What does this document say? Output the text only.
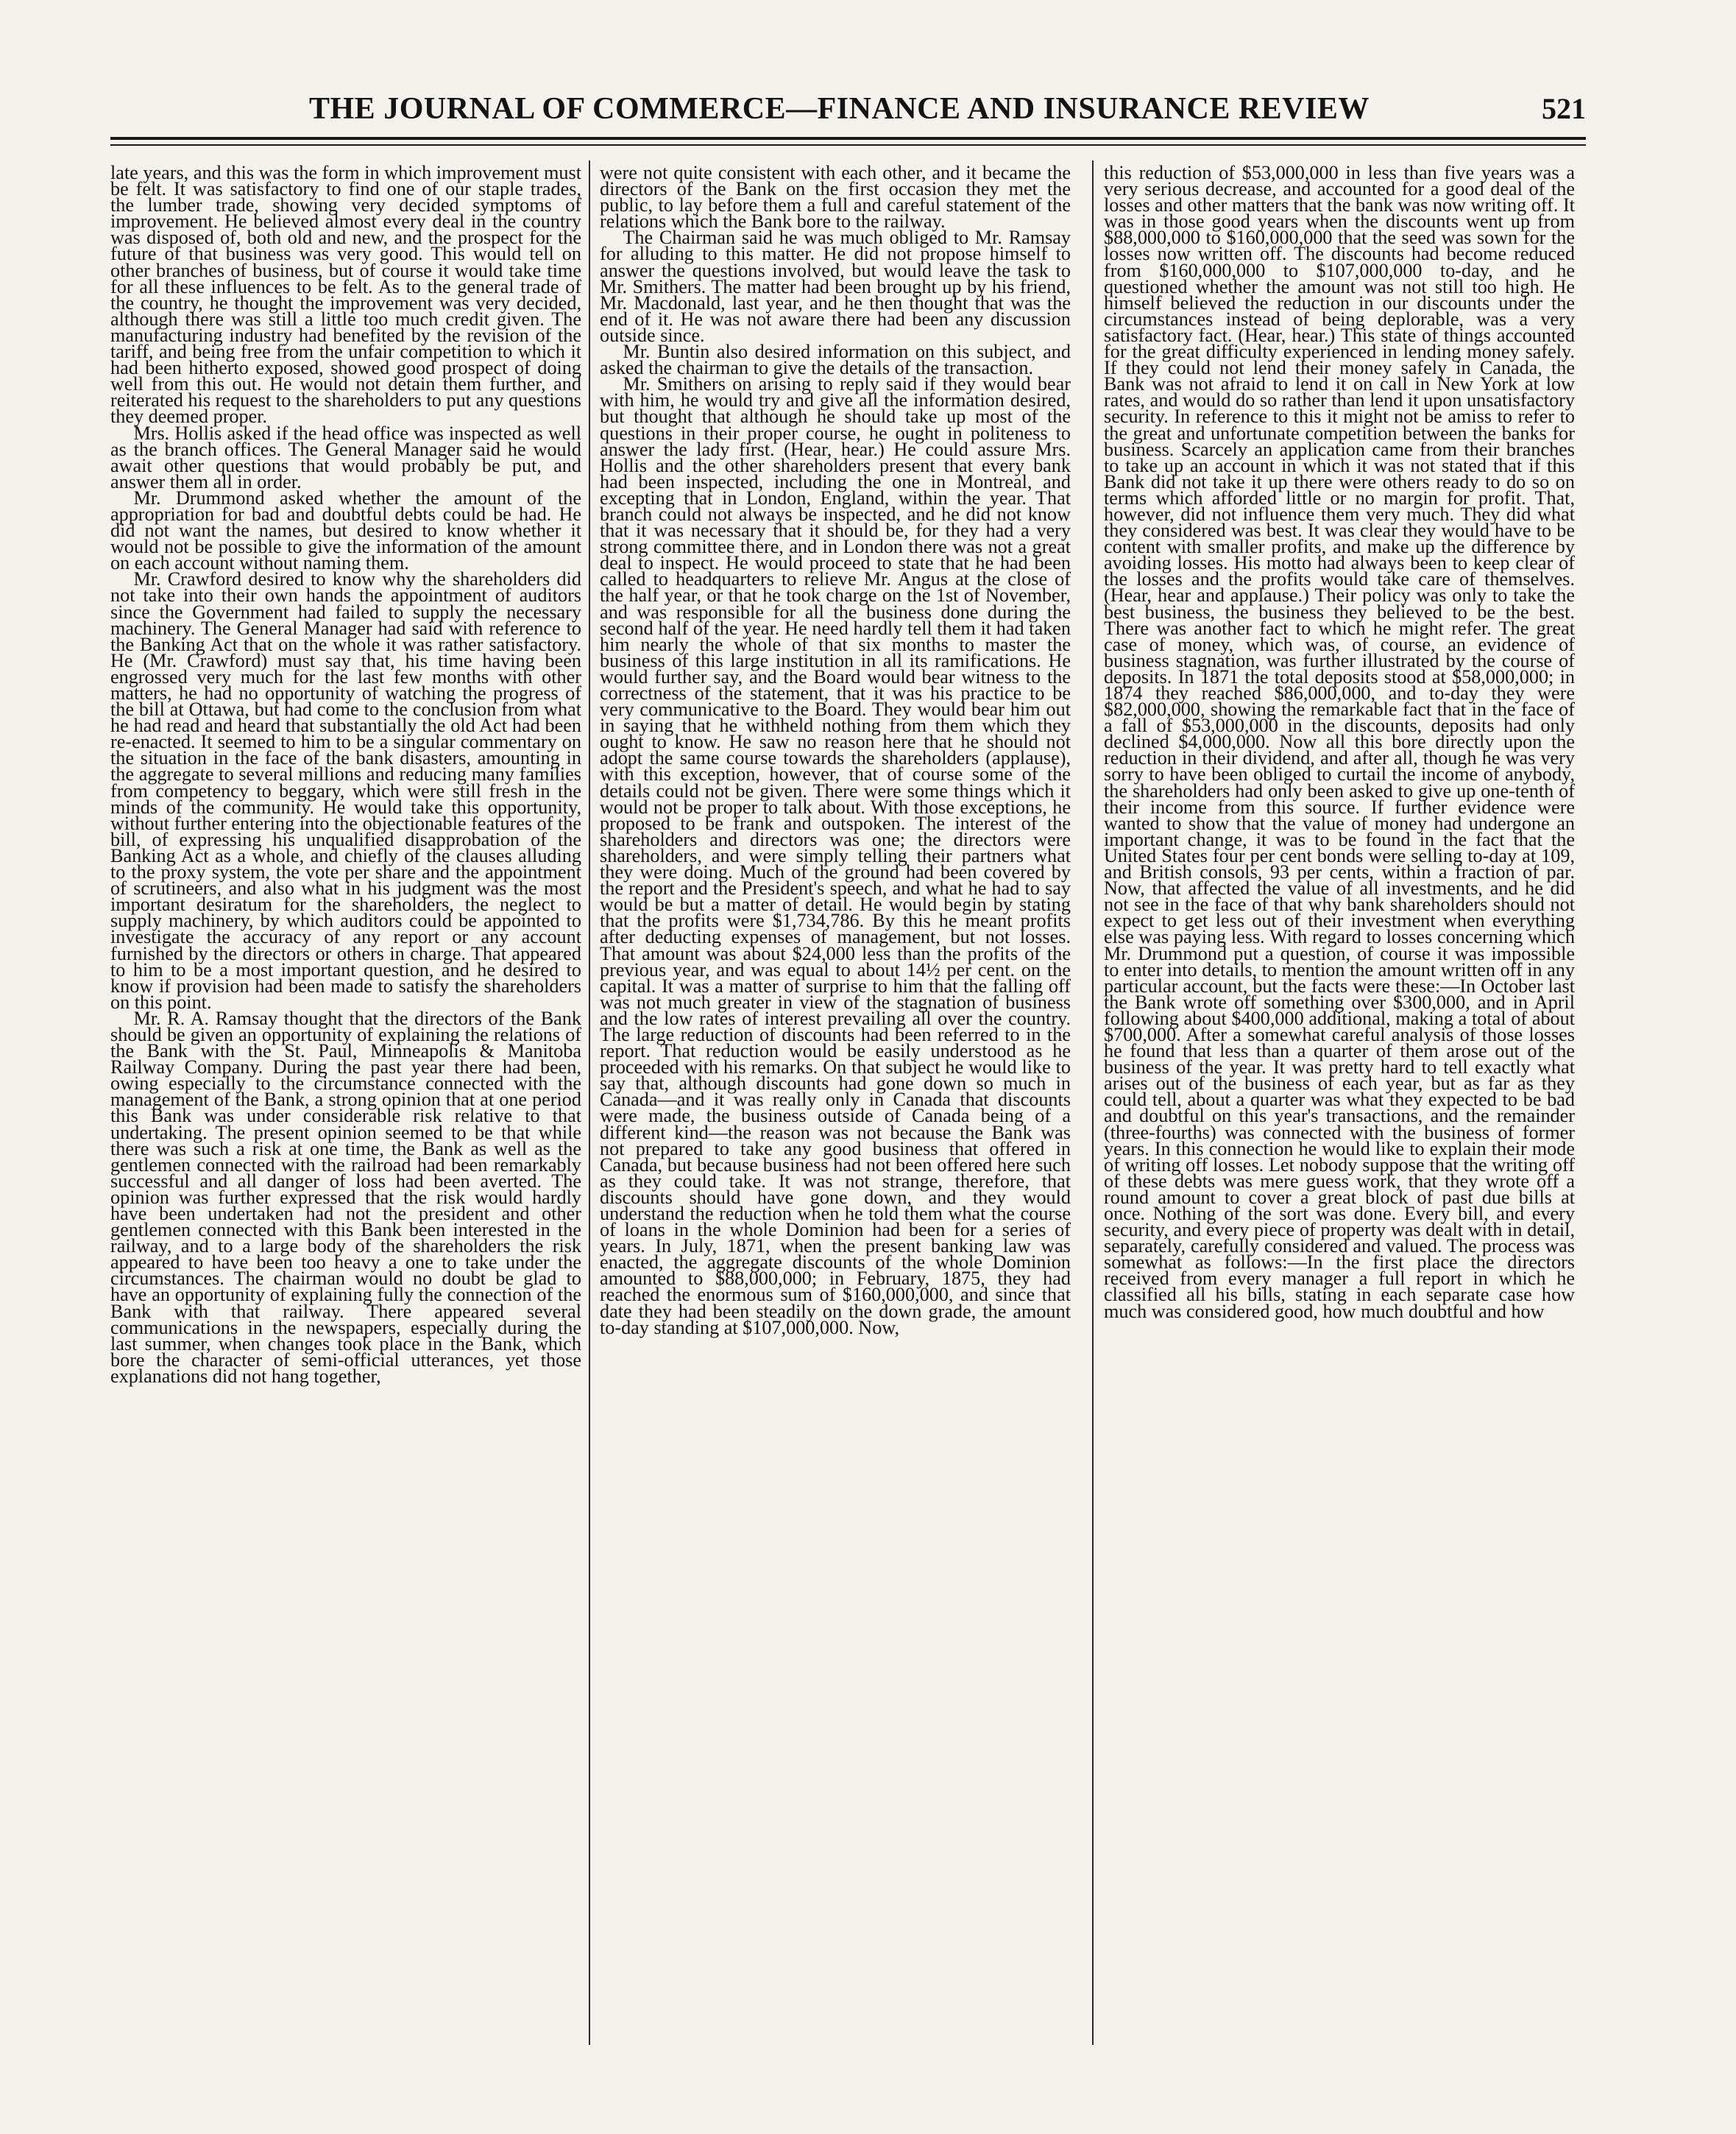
THE JOURNAL OF COMMERCE—FINANCE AND INSURANCE REVIEW	521

late years, and this was the form in which improvement must be felt. It was satisfactory to find one of our staple trades, the lumber trade, showing very decided symptoms of improvement. He believed almost every deal in the country was disposed of, both old and new, and the prospect for the future of that business was very good. This would tell on other branches of business, but of course it would take time for all these influences to be felt. As to the general trade of the country, he thought the improvement was very decided, although there was still a little too much credit given. The manufacturing industry had benefited by the revision of the tariff, and being free from the unfair competition to which it had been hitherto exposed, showed good prospect of doing well from this out. He would not detain them further, and reiterated his request to the shareholders to put any questions they deemed proper.

Mrs. Hollis asked if the head office was inspected as well as the branch offices. The General Manager said he would await other questions that would probably be put, and answer them all in order.

Mr. Drummond asked whether the amount of the appropriation for bad and doubtful debts could be had. He did not want the names, but desired to know whether it would not be possible to give the information of the amount on each account without naming them.

Mr. Crawford desired to know why the shareholders did not take into their own hands the appointment of auditors since the Government had failed to supply the necessary machinery. The General Manager had said with reference to the Banking Act that on the whole it was rather satisfactory. He (Mr. Crawford) must say that, his time having been engrossed very much for the last few months with other matters, he had no opportunity of watching the progress of the bill at Ottawa, but had come to the conclusion from what he had read and heard that substantially the old Act had been re-enacted. It seemed to him to be a singular commentary on the situation in the face of the bank disasters, amounting in the aggregate to several millions and reducing many families from competency to beggary, which were still fresh in the minds of the community. He would take this opportunity, without further entering into the objectionable features of the bill, of expressing his unqualified disapprobation of the Banking Act as a whole, and chiefly of the clauses alluding to the proxy system, the vote per share and the appointment of scrutineers, and also what in his judgment was the most important desiratum for the shareholders, the neglect to supply machinery, by which auditors could be appointed to investigate the accuracy of any report or any account furnished by the directors or others in charge. That appeared to him to be a most important question, and he desired to know if provision had been made to satisfy the shareholders on this point.

Mr. R. A. Ramsay thought that the directors of the Bank should be given an opportunity of explaining the relations of the Bank with the St. Paul, Minneapolis & Manitoba Railway Company. During the past year there had been, owing especially to the circumstance connected with the management of the Bank, a strong opinion that at one period this Bank was under considerable risk relative to that undertaking. The present opinion seemed to be that while there was such a risk at one time, the Bank as well as the gentlemen connected with the railroad had been remarkably successful and all danger of loss had been averted. The opinion was further expressed that the risk would hardly have been undertaken had not the president and other gentlemen connected with this Bank been interested in the railway, and to a large body of the shareholders the risk appeared to have been too heavy a one to take under the circumstances. The chairman would no doubt be glad to have an opportunity of explaining fully the connection of the Bank with that railway. There appeared several communications in the newspapers, especially during the last summer, when changes took place in the Bank, which bore the character of semi-official utterances, yet those explanations did not hang together,

were not quite consistent with each other, and it became the directors of the Bank on the first occasion they met the public, to lay before them a full and careful statement of the relations which the Bank bore to the railway.

The Chairman said he was much obliged to Mr. Ramsay for alluding to this matter. He did not propose himself to answer the questions involved, but would leave the task to Mr. Smithers. The matter had been brought up by his friend, Mr. Macdonald, last year, and he then thought that was the end of it. He was not aware there had been any discussion outside since.

Mr. Buntin also desired information on this subject, and asked the chairman to give the details of the transaction.

Mr. Smithers on arising to reply said if they would bear with him, he would try and give all the information desired, but thought that although he should take up most of the questions in their proper course, he ought in politeness to answer the lady first. (Hear, hear.) He could assure Mrs. Hollis and the other shareholders present that every bank had been inspected, including the one in Montreal, and excepting that in London, England, within the year. That branch could not always be inspected, and he did not know that it was necessary that it should be, for they had a very strong committee there, and in London there was not a great deal to inspect. He would proceed to state that he had been called to headquarters to relieve Mr. Angus at the close of the half year, or that he took charge on the 1st of November, and was responsible for all the business done during the second half of the year. He need hardly tell them it had taken him nearly the whole of that six months to master the business of this large institution in all its ramifications. He would further say, and the Board would bear witness to the correctness of the statement, that it was his practice to be very communicative to the Board. They would bear him out in saying that he withheld nothing from them which they ought to know. He saw no reason here that he should not adopt the same course towards the shareholders (applause), with this exception, however, that of course some of the details could not be given. There were some things which it would not be proper to talk about. With those exceptions, he proposed to be frank and outspoken. The interest of the shareholders and directors was one; the directors were shareholders, and were simply telling their partners what they were doing. Much of the ground had been covered by the report and the President's speech, and what he had to say would be but a matter of detail. He would begin by stating that the profits were $1,734,786. By this he meant profits after deducting expenses of management, but not losses. That amount was about $24,000 less than the profits of the previous year, and was equal to about 14½ per cent. on the capital. It was a matter of surprise to him that the falling off was not much greater in view of the stagnation of business and the low rates of interest prevailing all over the country. The large reduction of discounts had been referred to in the report. That reduction would be easily understood as he proceeded with his remarks. On that subject he would like to say that, although discounts had gone down so much in Canada—and it was really only in Canada that discounts were made, the business outside of Canada being of a different kind—the reason was not because the Bank was not prepared to take any good business that offered in Canada, but because business had not been offered here such as they could take. It was not strange, therefore, that discounts should have gone down, and they would understand the reduction when he told them what the course of loans in the whole Dominion had been for a series of years. In July, 1871, when the present banking law was enacted, the aggregate discounts of the whole Dominion amounted to $88,000,000; in February, 1875, they had reached the enormous sum of $160,000,000, and since that date they had been steadily on the down grade, the amount to-day standing at $107,000,000. Now,

this reduction of $53,000,000 in less than five years was a very serious decrease, and accounted for a good deal of the losses and other matters that the bank was now writing off. It was in those good years when the discounts went up from $88,000,000 to $160,000,000 that the seed was sown for the losses now written off. The discounts had become reduced from $160,000,000 to $107,000,000 to-day, and he questioned whether the amount was not still too high. He himself believed the reduction in our discounts under the circumstances instead of being deplorable, was a very satisfactory fact. (Hear, hear.) This state of things accounted for the great difficulty experienced in lending money safely. If they could not lend their money safely in Canada, the Bank was not afraid to lend it on call in New York at low rates, and would do so rather than lend it upon unsatisfactory security. In reference to this it might not be amiss to refer to the great and unfortunate competition between the banks for business. Scarcely an application came from their branches to take up an account in which it was not stated that if this Bank did not take it up there were others ready to do so on terms which afforded little or no margin for profit. That, however, did not influence them very much. They did what they considered was best. It was clear they would have to be content with smaller profits, and make up the difference by avoiding losses. His motto had always been to keep clear of the losses and the profits would take care of themselves. (Hear, hear and applause.) Their policy was only to take the best business, the business they believed to be the best. There was another fact to which he might refer. The great case of money, which was, of course, an evidence of business stagnation, was further illustrated by the course of deposits. In 1871 the total deposits stood at $58,000,000; in 1874 they reached $86,000,000, and to-day they were $82,000,000, showing the remarkable fact that in the face of a fall of $53,000,000 in the discounts, deposits had only declined $4,000,000. Now all this bore directly upon the reduction in their dividend, and after all, though he was very sorry to have been obliged to curtail the income of anybody, the shareholders had only been asked to give up one-tenth of their income from this source. If further evidence were wanted to show that the value of money had undergone an important change, it was to be found in the fact that the United States four per cent bonds were selling to-day at 109, and British consols, 93 per cents, within a fraction of par. Now, that affected the value of all investments, and he did not see in the face of that why bank shareholders should not expect to get less out of their investment when everything else was paying less. With regard to losses concerning which Mr. Drummond put a question, of course it was impossible to enter into details, to mention the amount written off in any particular account, but the facts were these:—In October last the Bank wrote off something over $300,000, and in April following about $400,000 additional, making a total of about $700,000. After a somewhat careful analysis of those losses he found that less than a quarter of them arose out of the business of the year. It was pretty hard to tell exactly what arises out of the business of each year, but as far as they could tell, about a quarter was what they expected to be bad and doubtful on this year's transactions, and the remainder (three-fourths) was connected with the business of former years. In this connection he would like to explain their mode of writing off losses. Let nobody suppose that the writing off of these debts was mere guess work, that they wrote off a round amount to cover a great block of past due bills at once. Nothing of the sort was done. Every bill, and every security, and every piece of property was dealt with in detail, separately, carefully considered and valued. The process was somewhat as follows:—In the first place the directors received from every manager a full report in which he classified all his bills, stating in each separate case how much was considered good, how much doubtful and how
